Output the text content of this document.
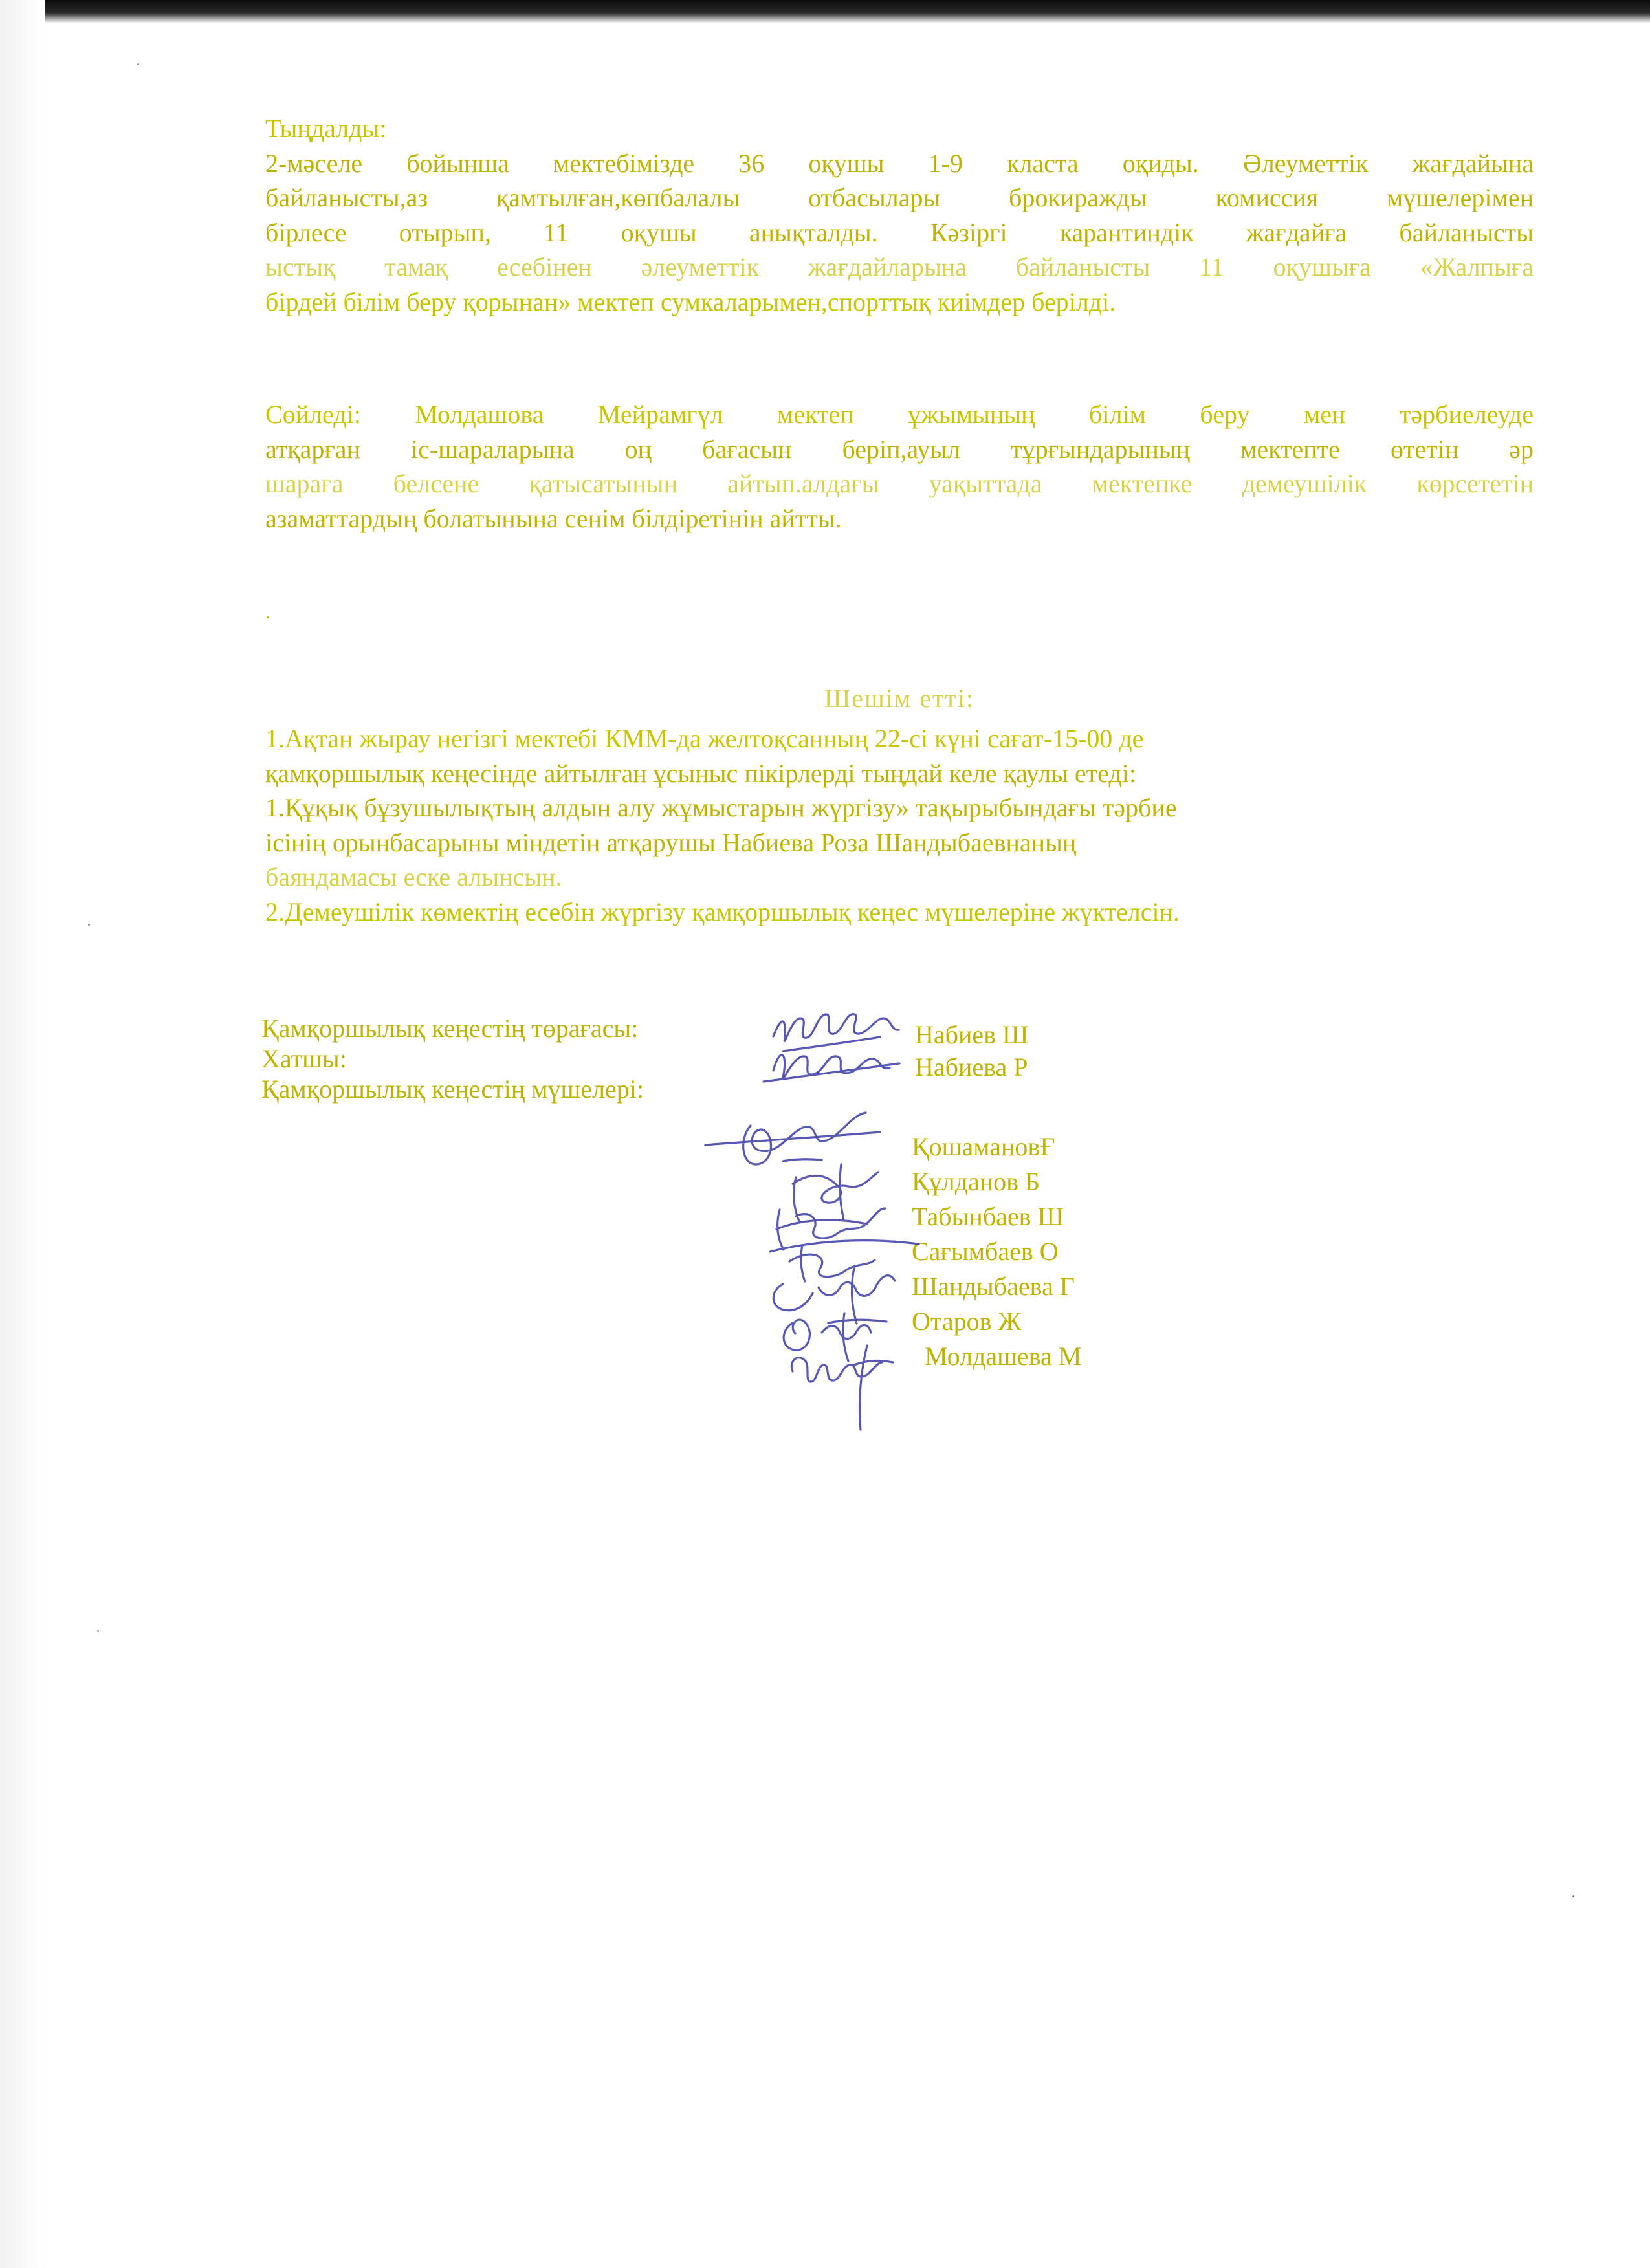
.
Тыңдалды:
2-мәселе бойынша мектебімізде 36 оқушы 1-9 класта оқиды. Әлеуметтік жағдайына
байланысты,аз қамтылған,көпбалалы отбасылары брокиражды комиссия мүшелерімен
бірлесе отырып, 11 оқушы анықталды. Кәзіргі карантиндік жағдайға байланысты
ыстық тамақ есебінен әлеуметтік жағдайларына байланысты 11 оқушыға «Жалпыға
бірдей білім беру қорынан» мектеп сумкаларымен,спорттық киімдер берілді.
Сөйледі: Молдашова Мейрамгүл мектеп ұжымының білім беру мен тәрбиелеуде
атқарған іс-шараларына оң бағасын беріп,ауыл тұрғындарының мектепте өтетін әр
шараға белсене қатысатынын айтып.алдағы уақыттада мектепке демеушілік көрсететін
азаматтардың болатынына сенім білдіретінін айтты.
Шешім етті:
1.Ақтан жырау негізгі мектебі КММ-да желтоқсанның 22-сі күні сағат-15-00 де
қамқоршылық кеңесінде айтылған ұсыныс пікірлерді тыңдай келе қаулы етеді:
1.Құқық бұзушылықтың алдын алу жұмыстарын жүргізу» тақырыбындағы тәрбие
ісінің орынбасарыны міндетін атқарушы Набиева Роза Шандыбаевнаның
баяндамасы еске алынсын.
2.Демеушілік көмектің есебін жүргізу қамқоршылық кеңес мүшелеріне жүктелсін.
Қамқоршылық кеңестің төрағасы:
Хатшы:
Қамқоршылық кеңестің мүшелері:
Набиев Ш
Набиева Р
ҚошамановҒ
Құлданов Б
Табынбаев Ш
Сағымбаев О
Шандыбаева Г
Отаров Ж
Молдашева М
